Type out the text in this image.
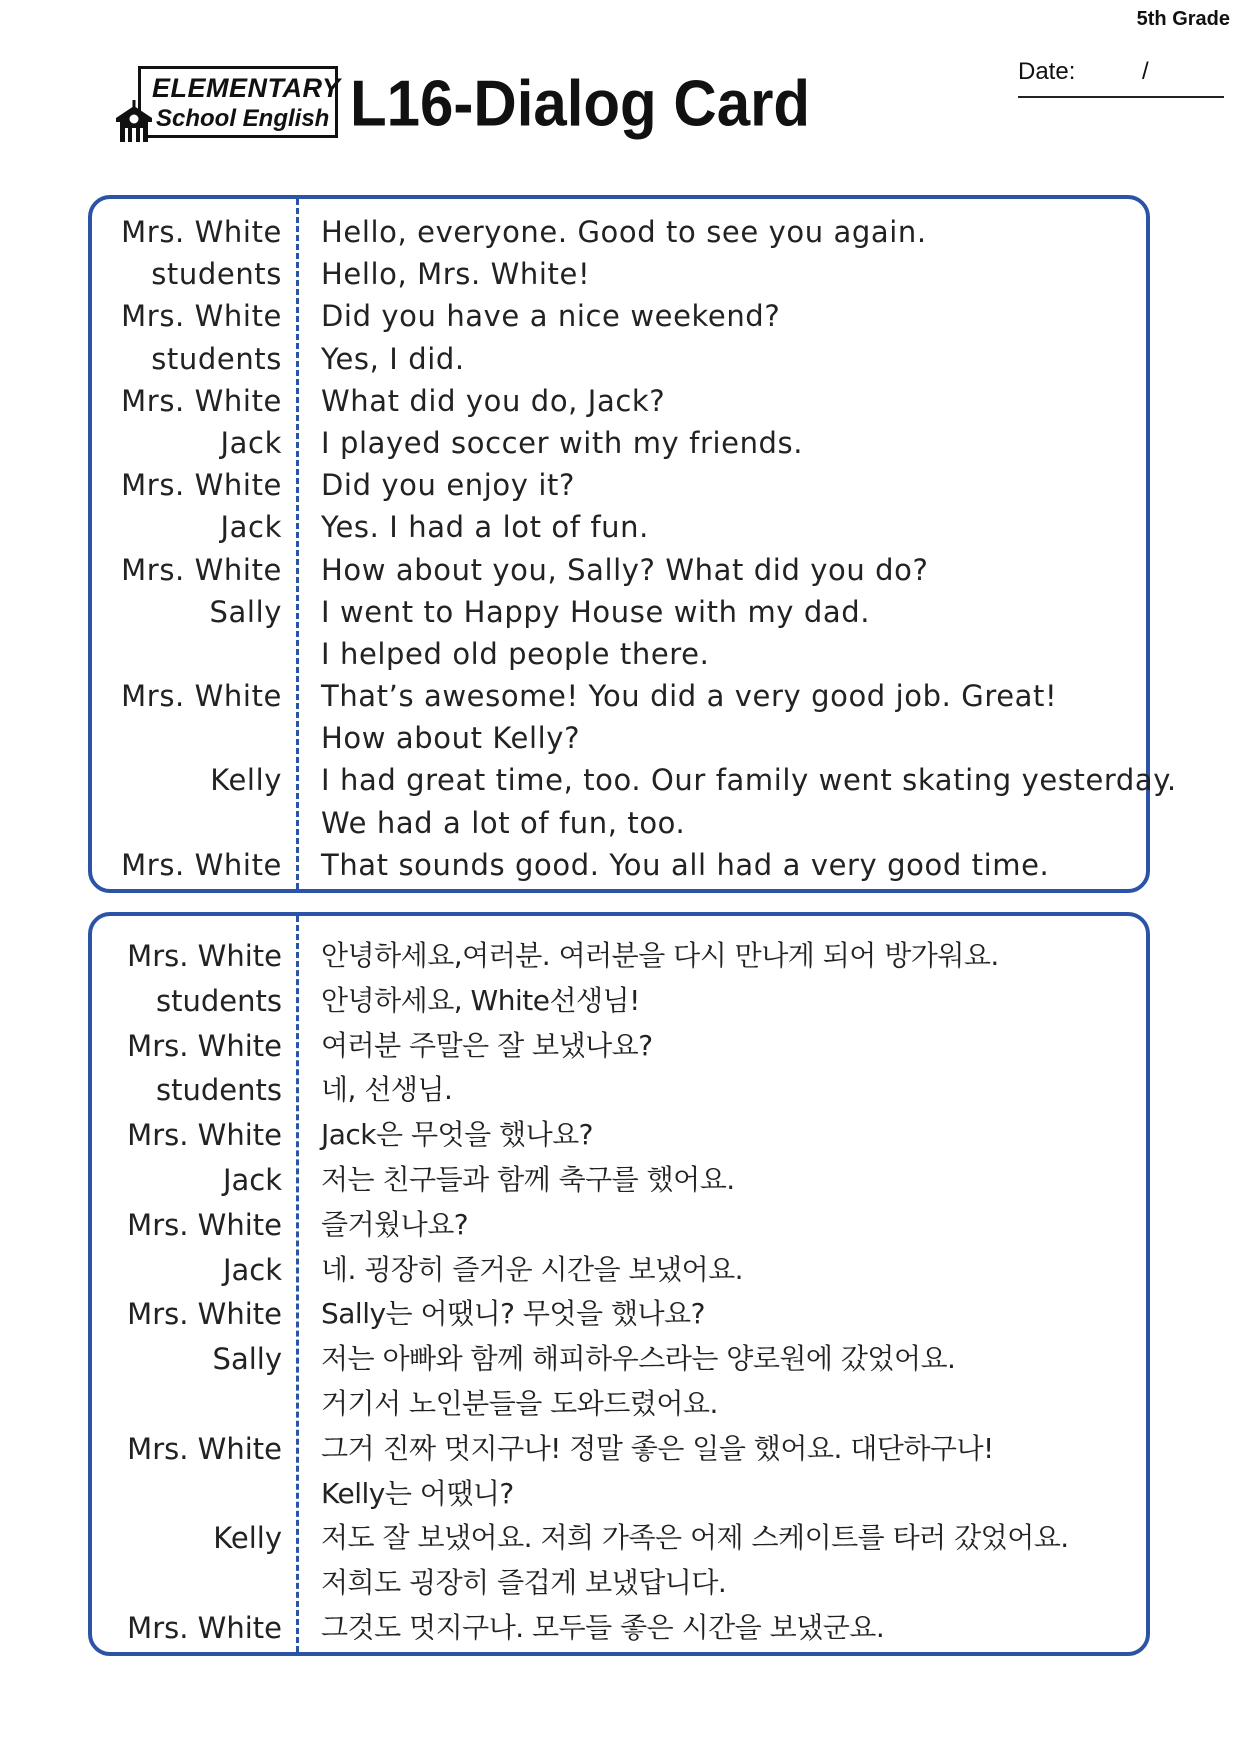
5th Grade
Date:	/
ELEMENTARY
School English L16-Dialog Card
Mrs. White Hello, everyone. Good to see you again.
students Hello, Mrs. White!
Mrs. White Did you have a nice weekend?
students Yes, I did.
Mrs. White What did you do, Jack?
Jack I played soccer with my friends.
Mrs. White Did you enjoy it?
Jack Yes. I had a lot of fun.
Mrs. White How about you, Sally? What did you do?
Sally I went to Happy House with my dad.
I helped old people there.
Mrs. White That’s awesome! You did a very good job. Great!
How about Kelly?
Kelly I had great time, too. Our family went skating yesterday.
We had a lot of fun, too.
Mrs. White That sounds good. You all had a very good time.
Mrs. White 안녕하세요,여러분. 여러분을 다시 만나게 되어 방가워요.
students 안녕하세요, White선생님!
Mrs. White 여러분 주말은 잘 보냈나요?
students 네, 선생님.
Mrs. White Jack은 무엇을 했나요?
Jack 저는 친구들과 함께 축구를 했어요.
Mrs. White 즐거웠나요?
Jack 네. 굉장히 즐거운 시간을 보냈어요.
Mrs. White Sally는 어땠니? 무엇을 했나요?
Sally 저는 아빠와 함께 해피하우스라는 양로원에 갔었어요.
거기서 노인분들을 도와드렸어요.
Mrs. White 그거 진짜 멋지구나! 정말 좋은 일을 했어요. 대단하구나!
Kelly는 어땠니?
Kelly 저도 잘 보냈어요. 저희 가족은 어제 스케이트를 타러 갔었어요.
저희도 굉장히 즐겁게 보냈답니다.
Mrs. White 그것도 멋지구나. 모두들 좋은 시간을 보냈군요.
